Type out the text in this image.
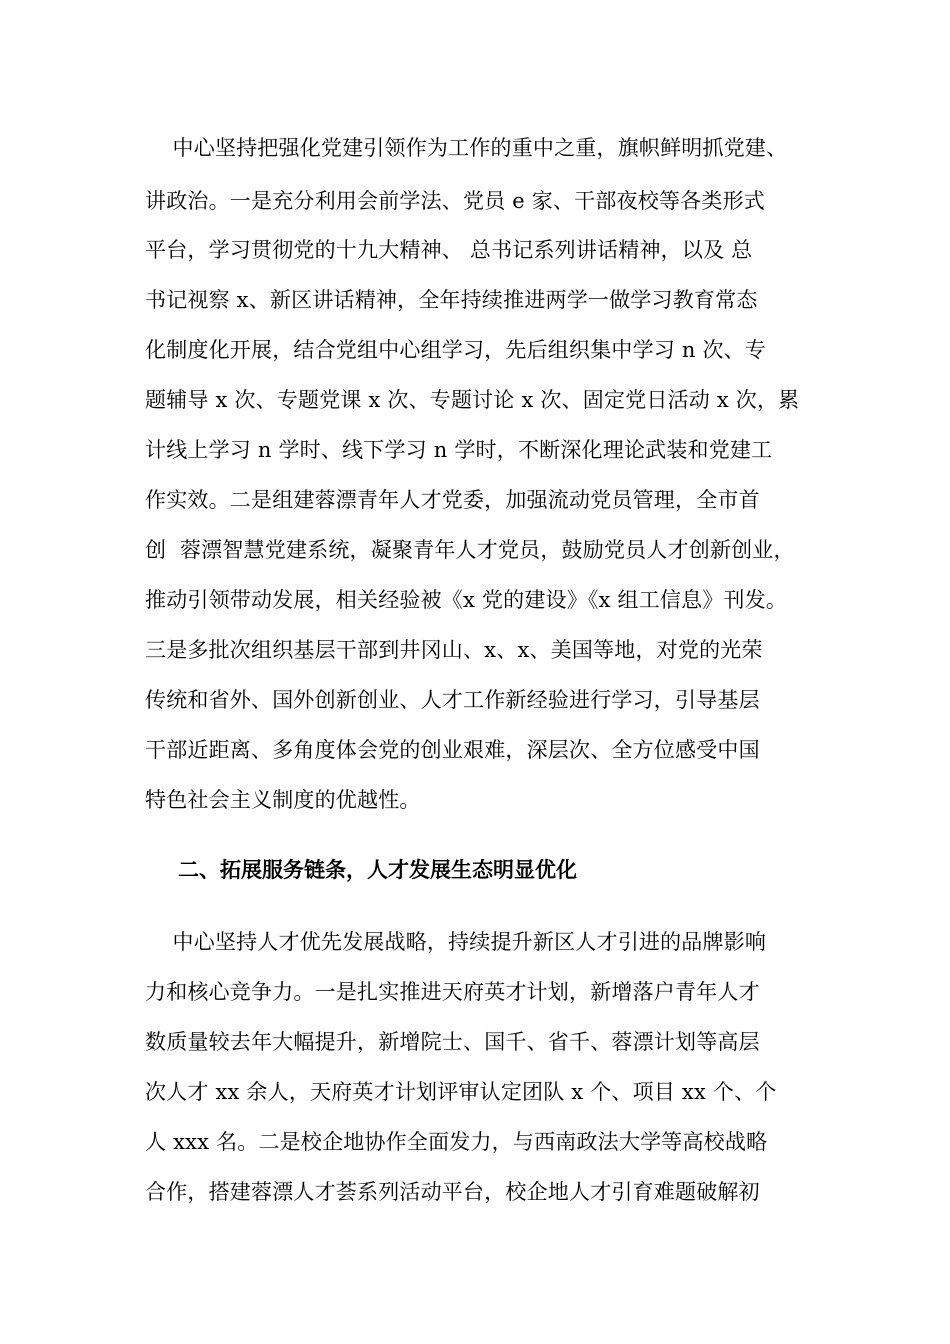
中心坚持把强化党建引领作为工作的重中之重，旗帜鲜明抓党建、
讲政治。一是充分利用会前学法、党员 e 家、干部夜校等各类形式
平台，学习贯彻党的十九大精神、 总书记系列讲话精神，以及 总
书记视察 x、新区讲话精神，全年持续推进两学一做学习教育常态
化制度化开展，结合党组中心组学习，先后组织集中学习 n 次、专
题辅导 x 次、专题党课 x 次、专题讨论 x 次、固定党日活动 x 次，累
计线上学习 n 学时、线下学习 n 学时，不断深化理论武装和党建工
作实效。二是组建蓉漂青年人才党委，加强流动党员管理，全市首
创  蓉漂智慧党建系统，凝聚青年人才党员，鼓励党员人才创新创业，
推动引领带动发展，相关经验被《x 党的建设》《x 组工信息》刊发。
三是多批次组织基层干部到井冈山、x、x、美国等地，对党的光荣
传统和省外、国外创新创业、人才工作新经验进行学习，引导基层
干部近距离、多角度体会党的创业艰难，深层次、全方位感受中国
特色社会主义制度的优越性。
二、拓展服务链条，人才发展生态明显优化
中心坚持人才优先发展战略，持续提升新区人才引进的品牌影响
力和核心竞争力。一是扎实推进天府英才计划，新增落户青年人才
数质量较去年大幅提升，新增院士、国千、省千、蓉漂计划等高层
次人才 xx 余人，天府英才计划评审认定团队 x 个、项目 xx 个、个
人 xxx 名。二是校企地协作全面发力，与西南政法大学等高校战略
合作，搭建蓉漂人才荟系列活动平台，校企地人才引育难题破解初
